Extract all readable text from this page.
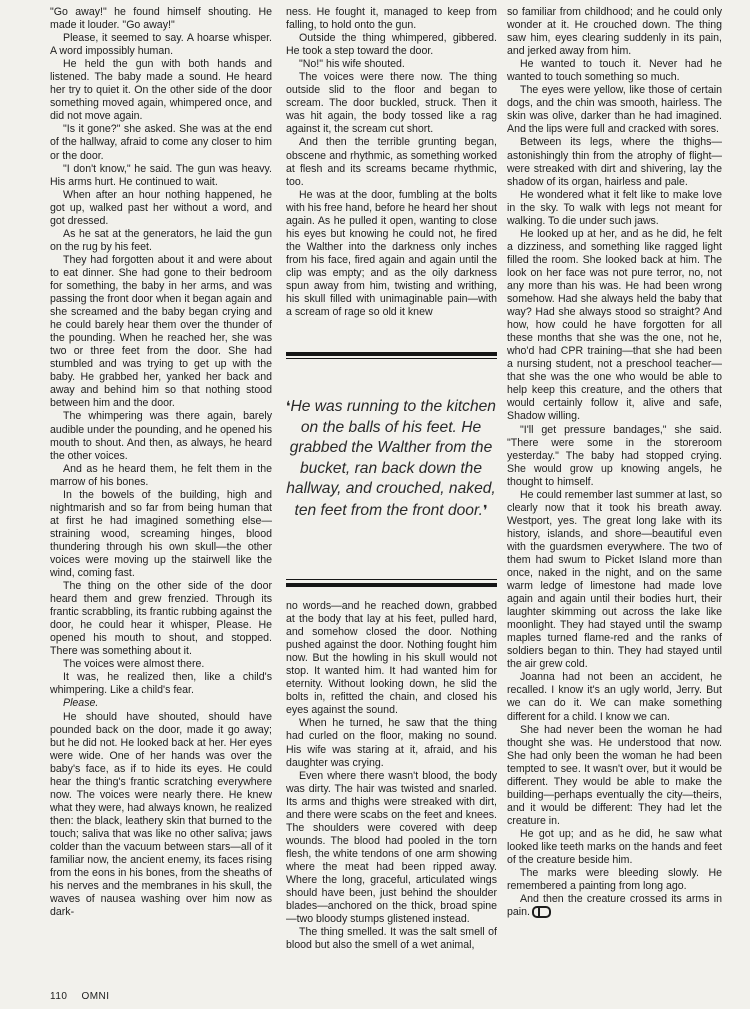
"Go away!" he found himself shouting. He made it louder. "Go away!"

Please, it seemed to say. A hoarse whisper. A word impossibly human.

He held the gun with both hands and listened. The baby made a sound. He heard her try to quiet it. On the other side of the door something moved again, whimpered once, and did not move again.

"Is it gone?" she asked. She was at the end of the hallway, afraid to come any closer to him or the door.

"I don't know," he said. The gun was heavy. His arms hurt. He continued to wait.

When after an hour nothing happened, he got up, walked past her without a word, and got dressed.

As he sat at the generators, he laid the gun on the rug by his feet.

They had forgotten about it and were about to eat dinner. She had gone to their bedroom for something, the baby in her arms, and was passing the front door when it began again and she screamed and the baby began crying and he could barely hear them over the thunder of the pounding. When he reached her, she was two or three feet from the door. She had stumbled and was trying to get up with the baby. He grabbed her, yanked her back and away and behind him so that nothing stood between him and the door.

The whimpering was there again, barely audible under the pounding, and he opened his mouth to shout. And then, as always, he heard the other voices.

And as he heard them, he felt them in the marrow of his bones.

In the bowels of the building, high and nightmarish and so far from being human that at first he had imagined something else—straining wood, screaming hinges, blood thundering through his own skull—the other voices were moving up the stairwell like the wind, coming fast.

The thing on the other side of the door heard them and grew frenzied. Through its frantic scrabbling, its frantic rubbing against the door, he could hear it whisper, Please. He opened his mouth to shout, and stopped. There was something about it.

The voices were almost there.

It was, he realized then, like a child's whimpering. Like a child's fear.

Please.

He should have shouted, should have pounded back on the door, made it go away; but he did not. He looked back at her. Her eyes were wide. One of her hands was over the baby's face, as if to hide its eyes. He could hear the thing's frantic scratching everywhere now. The voices were nearly there. He knew what they were, had always known, he realized then: the black, leathery skin that burned to the touch; saliva that was like no other saliva; jaws colder than the vacuum between stars—all of it familiar now, the ancient enemy, its faces rising from the eons in his bones, from the sheaths of his nerves and the membranes in his skull, the waves of nausea washing over him now as dark-

ness. He fought it, managed to keep from falling, to hold onto the gun.

Outside the thing whimpered, gibbered. He took a step toward the door.

"No!" his wife shouted.

The voices were there now. The thing outside slid to the floor and began to scream. The door buckled, struck. Then it was hit again, the body tossed like a rag against it, the scream cut short.

And then the terrible grunting began, obscene and rhythmic, as something worked at flesh and its screams became rhythmic, too.

He was at the door, fumbling at the bolts with his free hand, before he heard her shout again. As he pulled it open, wanting to close his eyes but knowing he could not, he fired the Walther into the darkness only inches from his face, fired again and again until the clip was empty; and as the oily darkness spun away from him, twisting and writhing, his skull filled with unimaginable pain—with a scream of rage so old it knew

❛He was running to the kitchen on the balls of his feet. He grabbed the Walther from the bucket, ran back down the hallway, and crouched, naked, ten feet from the front door.❜

no words—and he reached down, grabbed at the body that lay at his feet, pulled hard, and somehow closed the door. Nothing pushed against the door. Nothing fought him now. But the howling in his skull would not stop. It wanted him. It had wanted him for eternity. Without looking down, he slid the bolts in, refitted the chain, and closed his eyes against the sound.

When he turned, he saw that the thing had curled on the floor, making no sound. His wife was staring at it, afraid, and his daughter was crying.

Even where there wasn't blood, the body was dirty. The hair was twisted and snarled. Its arms and thighs were streaked with dirt, and there were scabs on the feet and knees. The shoulders were covered with deep wounds. The blood had pooled in the torn flesh, the white tendons of one arm showing where the meat had been ripped away. Where the long, graceful, articulated wings should have been, just behind the shoulder blades—anchored on the thick, broad spine—two bloody stumps glistened instead.

The thing smelled. It was the salt smell of blood but also the smell of a wet animal,

so familiar from childhood; and he could only wonder at it. He crouched down. The thing saw him, eyes clearing suddenly in its pain, and jerked away from him.

He wanted to touch it. Never had he wanted to touch something so much.

The eyes were yellow, like those of certain dogs, and the chin was smooth, hairless. The skin was olive, darker than he had imagined. And the lips were full and cracked with sores.

Between its legs, where the thighs—astonishingly thin from the atrophy of flight—were streaked with dirt and shivering, lay the shadow of its organ, hairless and pale.

He wondered what it felt like to make love in the sky. To walk with legs not meant for walking. To die under such jaws.

He looked up at her, and as he did, he felt a dizziness, and something like ragged light filled the room. She looked back at him. The look on her face was not pure terror, no, not any more than his was. He had been wrong somehow. Had she always held the baby that way? Had she always stood so straight? And how, how could he have forgotten for all these months that she was the one, not he, who'd had CPR training—that she had been a nursing student, not a preschool teacher—that she was the one who would be able to help keep this creature, and the others that would certainly follow it, alive and safe, Shadow willing.

"I'll get pressure bandages," she said. "There were some in the storeroom yesterday." The baby had stopped crying. She would grow up knowing angels, he thought to himself.

He could remember last summer at last, so clearly now that it took his breath away. Westport, yes. The great long lake with its history, islands, and shore—beautiful even with the guardsmen everywhere. The two of them had swum to Picket Island more than once, naked in the night, and on the same warm ledge of limestone had made love again and again until their bodies hurt, their laughter skimming out across the lake like moonlight. They had stayed until the swamp maples turned flame-red and the ranks of soldiers began to thin. They had stayed until the air grew cold.

Joanna had not been an accident, he recalled. I know it's an ugly world, Jerry. But we can do it. We can make something different for a child. I know we can.

She had never been the woman he had thought she was. He understood that now. She had only been the woman he had been tempted to see. It wasn't over, but it would be different. They would be able to make the building—perhaps eventually the city—theirs, and it would be different: They had let the creature in.

He got up; and as he did, he saw what looked like teeth marks on the hands and feet of the creature beside him.

The marks were bleeding slowly. He remembered a painting from long ago.

And then the creature crossed its arms in pain.

110 OMNI
